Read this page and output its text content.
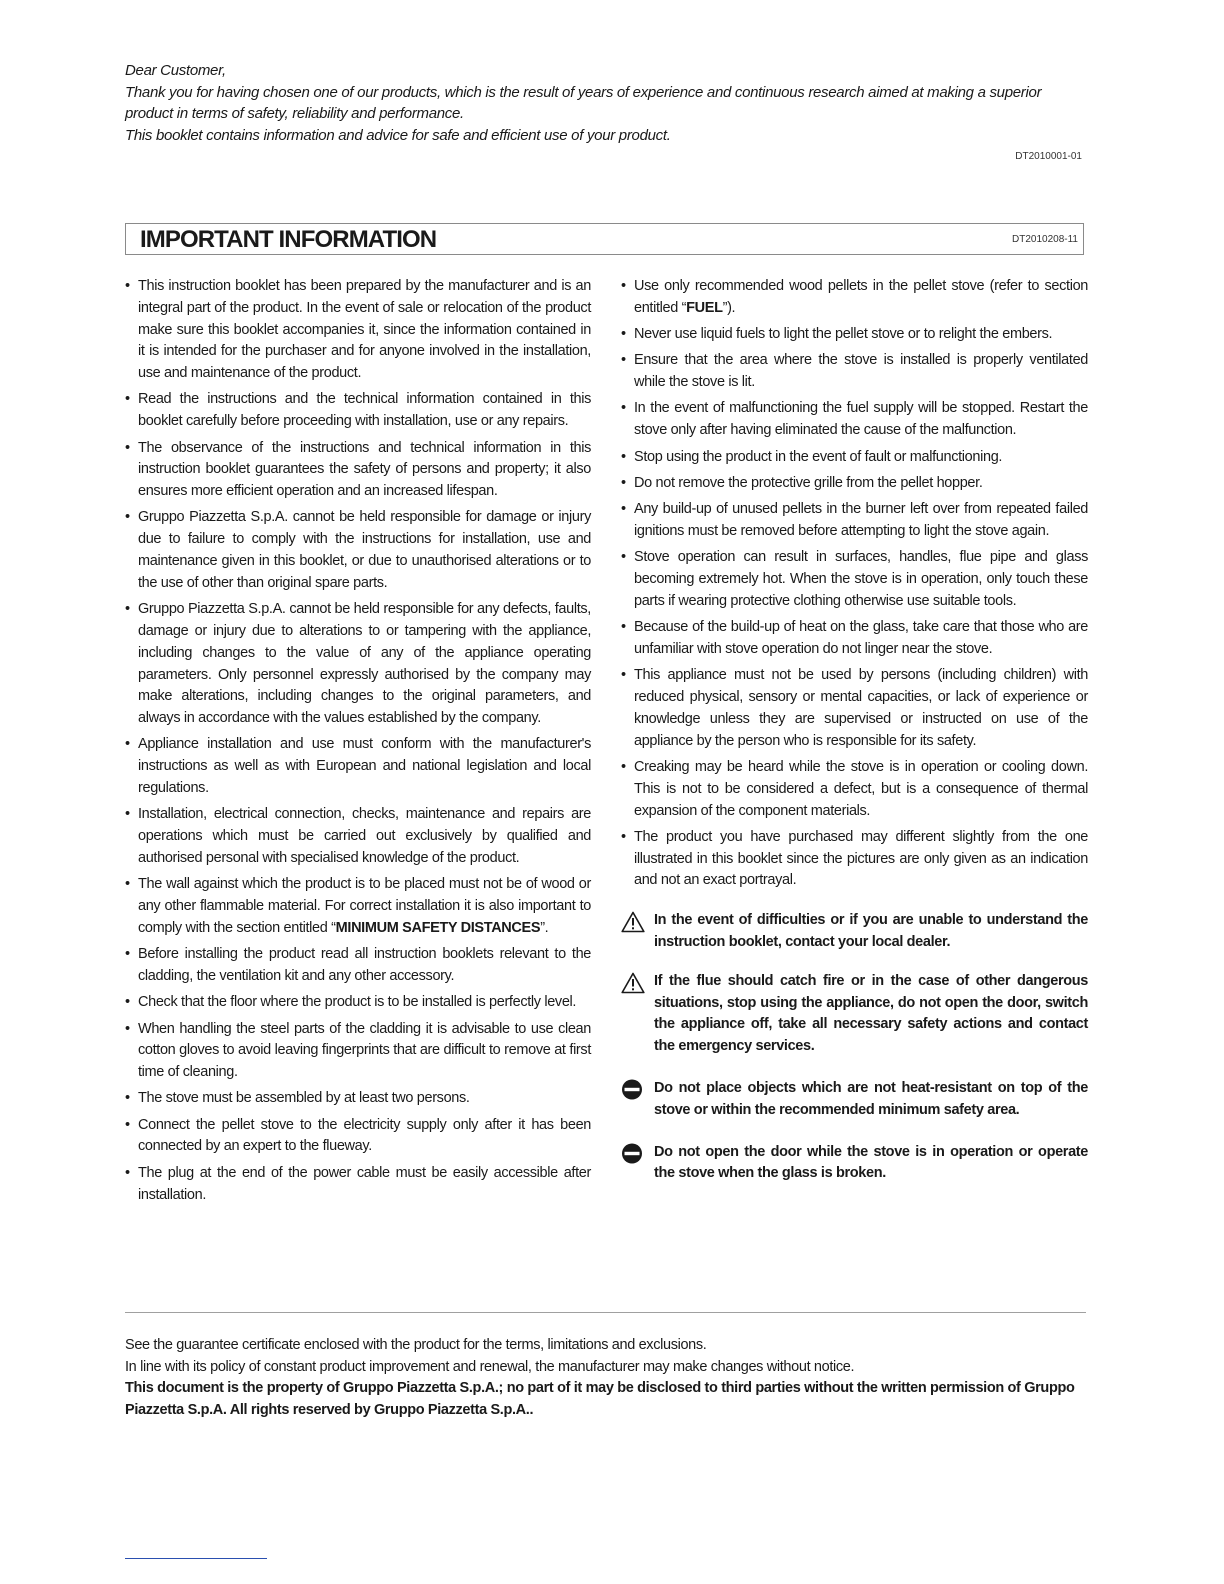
Dear Customer,

Thank you for having chosen one of our products, which is the result of years of experience and continuous research aimed at making a superior product in terms of safety, reliability and performance.

This booklet contains information and advice for safe and efficient use of your product.

DT2010001-01
IMPORTANT INFORMATION	DT2010208-11
• This instruction booklet has been prepared by the manufacturer and is an integral part of the product. In the event of sale or relocation of the product make sure this booklet accompanies it, since the information contained in it is intended for the purchaser and for anyone involved in the installation, use and maintenance of the product.
• Read the instructions and the technical information contained in this booklet carefully before proceeding with installation, use or any repairs.
• The observance of the instructions and technical information in this instruction booklet guarantees the safety of persons and property; it also ensures more efficient operation and an increased lifespan.
• Gruppo Piazzetta S.p.A. cannot be held responsible for damage or injury due to failure to comply with the instructions for installation, use and maintenance given in this booklet, or due to unauthorised alterations or to the use of other than original spare parts.
• Gruppo Piazzetta S.p.A. cannot be held responsible for any defects, faults, damage or injury due to alterations to or tampering with the appliance, including changes to the value of any of the appliance operating parameters. Only personnel expressly authorised by the company may make alterations, including changes to the original parameters, and always in accordance with the values established by the company.
• Appliance installation and use must conform with the manufacturer's instructions as well as with European and national legislation and local regulations.
• Installation, electrical connection, checks, maintenance and repairs are operations which must be carried out exclusively by qualified and authorised personal with specialised knowledge of the product.
• The wall against which the product is to be placed must not be of wood or any other flammable material. For correct installation it is also important to comply with the section entitled “MINIMUM SAFETY DISTANCES”.
• Before installing the product read all instruction booklets relevant to the cladding, the ventilation kit and any other accessory.
• Check that the floor where the product is to be installed is perfectly level.
• When handling the steel parts of the cladding it is advisable to use clean cotton gloves to avoid leaving fingerprints that are difficult to remove at first time of cleaning.
• The stove must be assembled by at least two persons.
• Connect the pellet stove to the electricity supply only after it has been connected by an expert to the flueway.
• The plug at the end of the power cable must be easily accessible after installation.
• Use only recommended wood pellets in the pellet stove (refer to section entitled “FUEL”).
• Never use liquid fuels to light the pellet stove or to relight the embers.
• Ensure that the area where the stove is installed is properly ventilated while the stove is lit.
• In the event of malfunctioning the fuel supply will be stopped. Restart the stove only after having eliminated the cause of the malfunction.
• Stop using the product in the event of fault or malfunctioning.
• Do not remove the protective grille from the pellet hopper.
• Any build-up of unused pellets in the burner left over from repeated failed ignitions must be removed before attempting to light the stove again.
• Stove operation can result in surfaces, handles, flue pipe and glass becoming extremely hot. When the stove is in operation, only touch these parts if wearing protective clothing otherwise use suitable tools.
• Because of the build-up of heat on the glass, take care that those who are unfamiliar with stove operation do not linger near the stove.
• This appliance must not be used by persons (including children) with reduced physical, sensory or mental capacities, or lack of experience or knowledge unless they are supervised or instructed on use of the appliance by the person who is responsible for its safety.
• Creaking may be heard while the stove is in operation or cooling down. This is not to be considered a defect, but is a consequence of thermal expansion of the component materials.
• The product you have purchased may different slightly from the one illustrated in this booklet since the pictures are only given as an indication and not an exact portrayal.
In the event of difficulties or if you are unable to understand the instruction booklet, contact your local dealer.
If the flue should catch fire or in the case of other dangerous situations, stop using the appliance, do not open the door, switch the appliance off, take all necessary safety actions and contact the emergency services.
Do not place objects which are not heat-resistant on top of the stove or within the recommended minimum safety area.
Do not open the door while the stove is in operation or operate the stove when the glass is broken.

See the guarantee certificate enclosed with the product for the terms, limitations and exclusions.

In line with its policy of constant product improvement and renewal, the manufacturer may make changes without notice.

This document is the property of Gruppo Piazzetta S.p.A.; no part of it may be disclosed to third parties without the written permission of Gruppo Piazzetta S.p.A. All rights reserved by Gruppo Piazzetta S.p.A..
